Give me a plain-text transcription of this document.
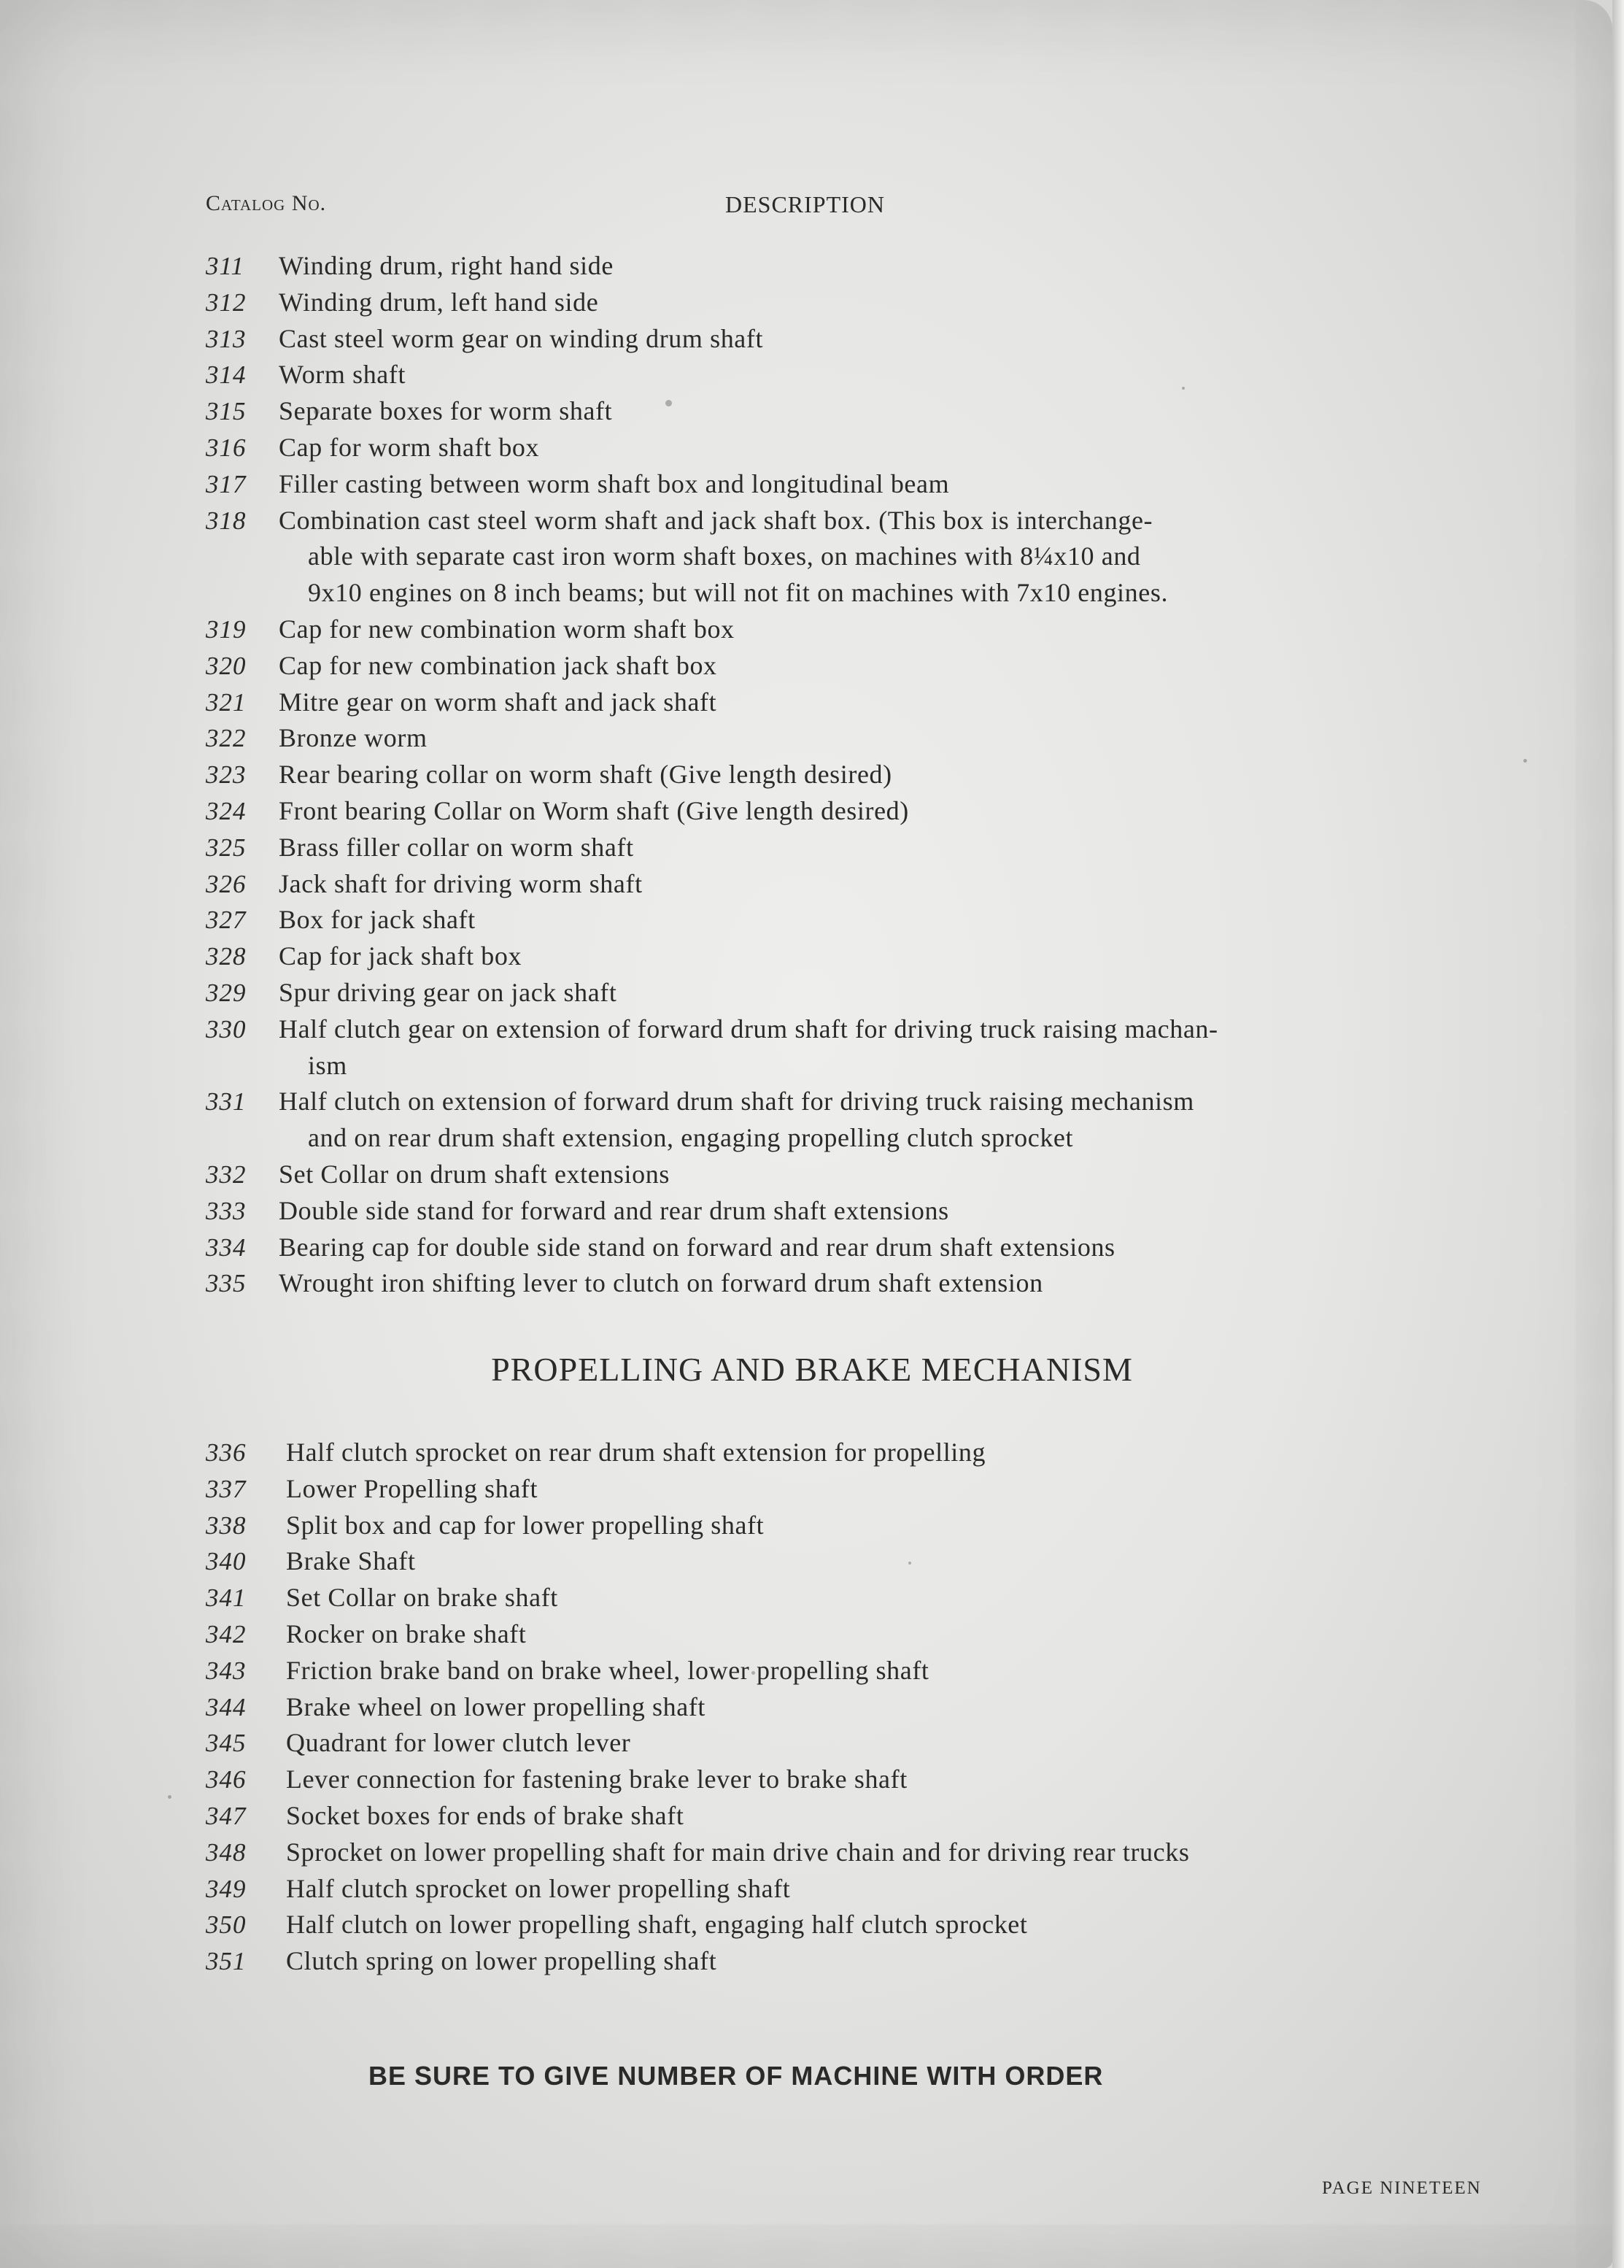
Catalog No.	DESCRIPTION
311	Winding drum, right hand side
312	Winding drum, left hand side
313	Cast steel worm gear on winding drum shaft
314	Worm shaft
315	Separate boxes for worm shaft
316	Cap for worm shaft box
317	Filler casting between worm shaft box and longitudinal beam
318	Combination cast steel worm shaft and jack shaft box. (This box is interchange-
able with separate cast iron worm shaft boxes, on machines with 8¼x10 and
9x10 engines on 8 inch beams; but will not fit on machines with 7x10 engines.
319	Cap for new combination worm shaft box
320	Cap for new combination jack shaft box
321	Mitre gear on worm shaft and jack shaft
322	Bronze worm
323	Rear bearing collar on worm shaft (Give length desired)
324	Front bearing Collar on Worm shaft (Give length desired)
325	Brass filler collar on worm shaft
326	Jack shaft for driving worm shaft
327	Box for jack shaft
328	Cap for jack shaft box
329	Spur driving gear on jack shaft
330	Half clutch gear on extension of forward drum shaft for driving truck raising machan-
ism
331	Half clutch on extension of forward drum shaft for driving truck raising mechanism
and on rear drum shaft extension, engaging propelling clutch sprocket
332	Set Collar on drum shaft extensions
333	Double side stand for forward and rear drum shaft extensions
334	Bearing cap for double side stand on forward and rear drum shaft extensions
335	Wrought iron shifting lever to clutch on forward drum shaft extension
PROPELLING AND BRAKE MECHANISM
336	Half clutch sprocket on rear drum shaft extension for propelling
337	Lower Propelling shaft
338	Split box and cap for lower propelling shaft
340	Brake Shaft
341	Set Collar on brake shaft
342	Rocker on brake shaft
343	Friction brake band on brake wheel, lower propelling shaft
344	Brake wheel on lower propelling shaft
345	Quadrant for lower clutch lever
346	Lever connection for fastening brake lever to brake shaft
347	Socket boxes for ends of brake shaft
348	Sprocket on lower propelling shaft for main drive chain and for driving rear trucks
349	Half clutch sprocket on lower propelling shaft
350	Half clutch on lower propelling shaft, engaging half clutch sprocket
351	Clutch spring on lower propelling shaft
BE SURE TO GIVE NUMBER OF MACHINE WITH ORDER
PAGE NINETEEN
